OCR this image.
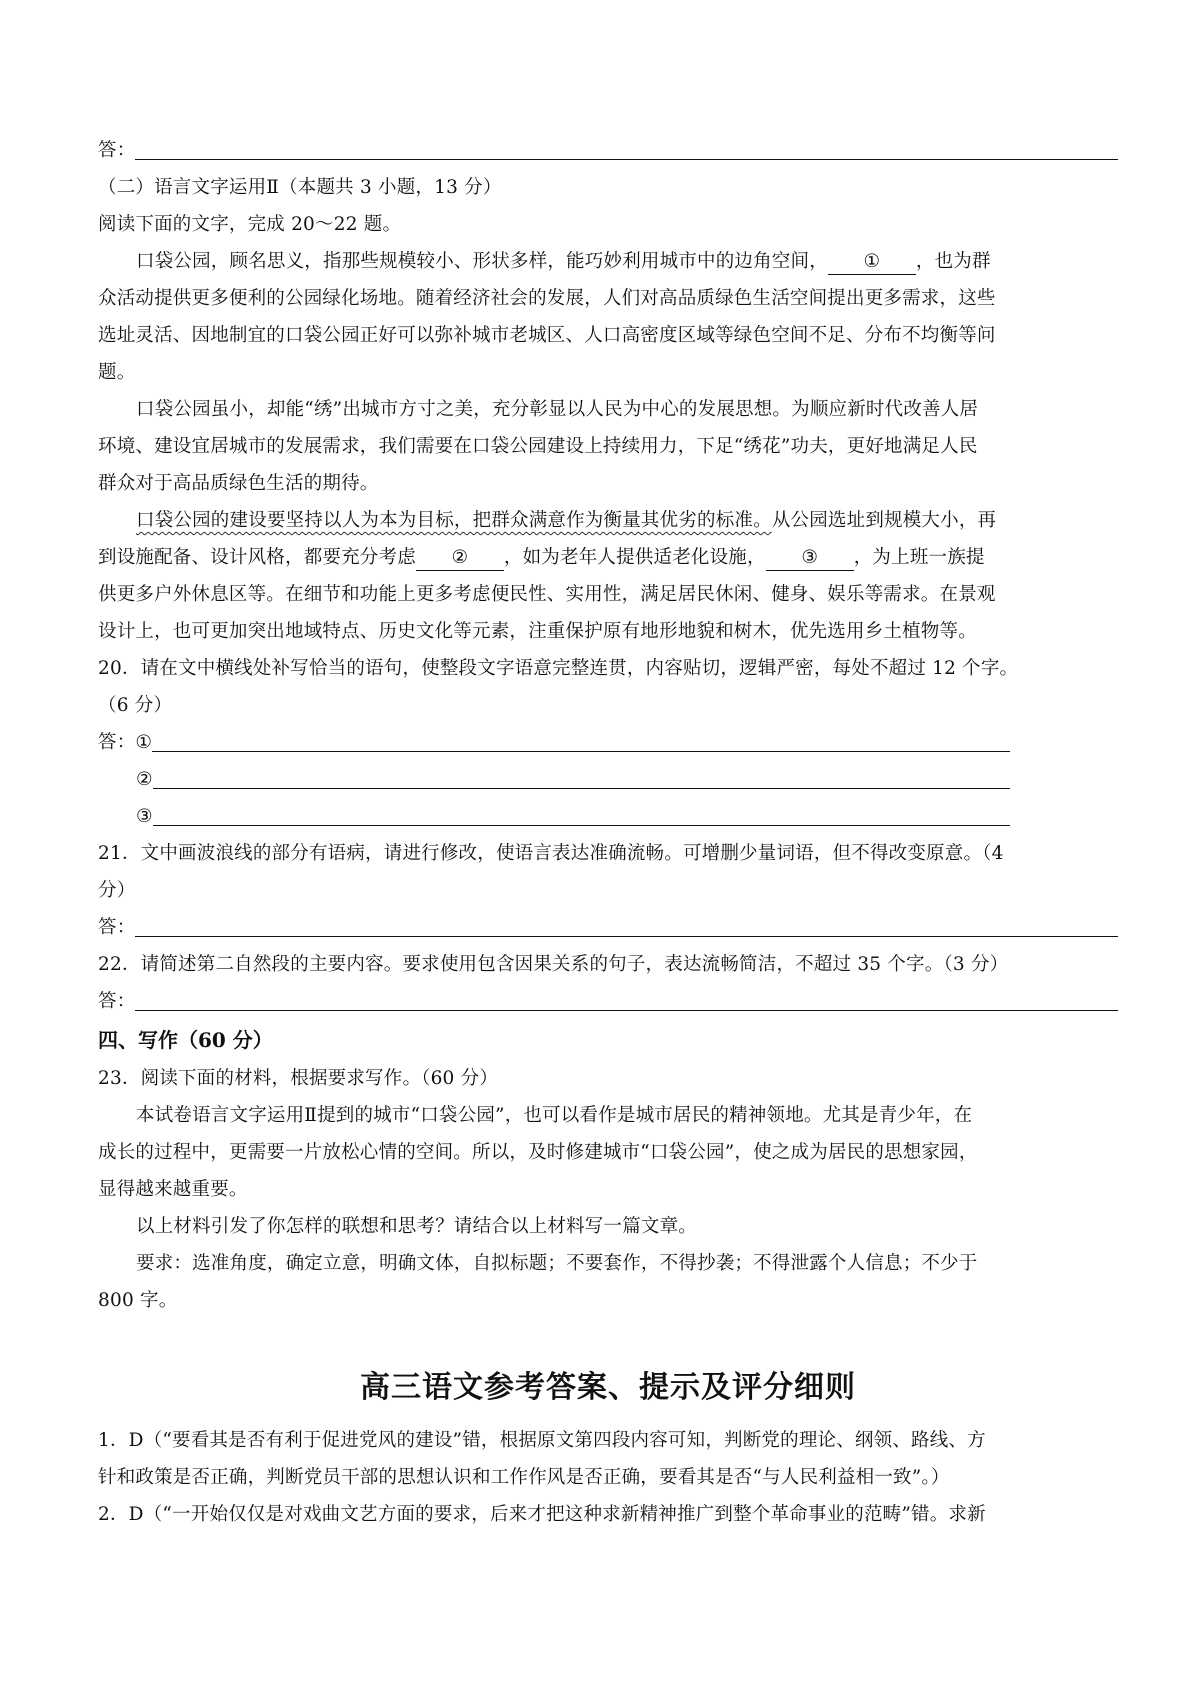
答：
（二）语言文字运用Ⅱ（本题共 3 小题，13 分）
阅读下面的文字，完成 20～22 题。
口袋公园，顾名思义，指那些规模较小、形状多样，能巧妙利用城市中的边角空间， ① ，也为群
众活动提供更多便利的公园绿化场地。随着经济社会的发展，人们对高品质绿色生活空间提出更多需求，这些
选址灵活、因地制宜的口袋公园正好可以弥补城市老城区、人口高密度区域等绿色空间不足、分布不均衡等问
题。
口袋公园虽小，却能“绣”出城市方寸之美，充分彰显以人民为中心的发展思想。为顺应新时代改善人居
环境、建设宜居城市的发展需求，我们需要在口袋公园建设上持续用力，下足“绣花”功夫，更好地满足人民
群众对于高品质绿色生活的期待。
口袋公园的建设要坚持以人为本为目标，把群众满意作为衡量其优劣的标准。从公园选址到规模大小，再
到设施配备、设计风格，都要充分考虑 ② ，如为老年人提供适老化设施， ③ ，为上班一族提
供更多户外休息区等。在细节和功能上更多考虑便民性、实用性，满足居民休闲、健身、娱乐等需求。在景观
设计上，也可更加突出地域特点、历史文化等元素，注重保护原有地形地貌和树木，优先选用乡土植物等。
20．请在文中横线处补写恰当的语句，使整段文字语意完整连贯，内容贴切，逻辑严密，每处不超过 12 个字。
（6 分）
答： ①
②
③
21．文中画波浪线的部分有语病，请进行修改，使语言表达准确流畅。可增删少量词语，但不得改变原意。（4
分）
答：
22．请简述第二自然段的主要内容。要求使用包含因果关系的句子，表达流畅简洁，不超过 35 个字。（3 分）
答：
四、写作（60 分）
23．阅读下面的材料，根据要求写作。（60 分）
本试卷语言文字运用Ⅱ提到的城市“口袋公园”，也可以看作是城市居民的精神领地。尤其是青少年，在
成长的过程中，更需要一片放松心情的空间。所以，及时修建城市“口袋公园”，使之成为居民的思想家园，
显得越来越重要。
以上材料引发了你怎样的联想和思考？请结合以上材料写一篇文章。
要求：选准角度，确定立意，明确文体，自拟标题；不要套作，不得抄袭；不得泄露个人信息；不少于
800 字。
高三语文参考答案、提示及评分细则
1．D（“要看其是否有利于促进党风的建设”错，根据原文第四段内容可知，判断党的理论、纲领、路线、方
针和政策是否正确，判断党员干部的思想认识和工作作风是否正确，要看其是否“与人民利益相一致”。）
2．D（“一开始仅仅是对戏曲文艺方面的要求，后来才把这种求新精神推广到整个革命事业的范畴”错。求新
